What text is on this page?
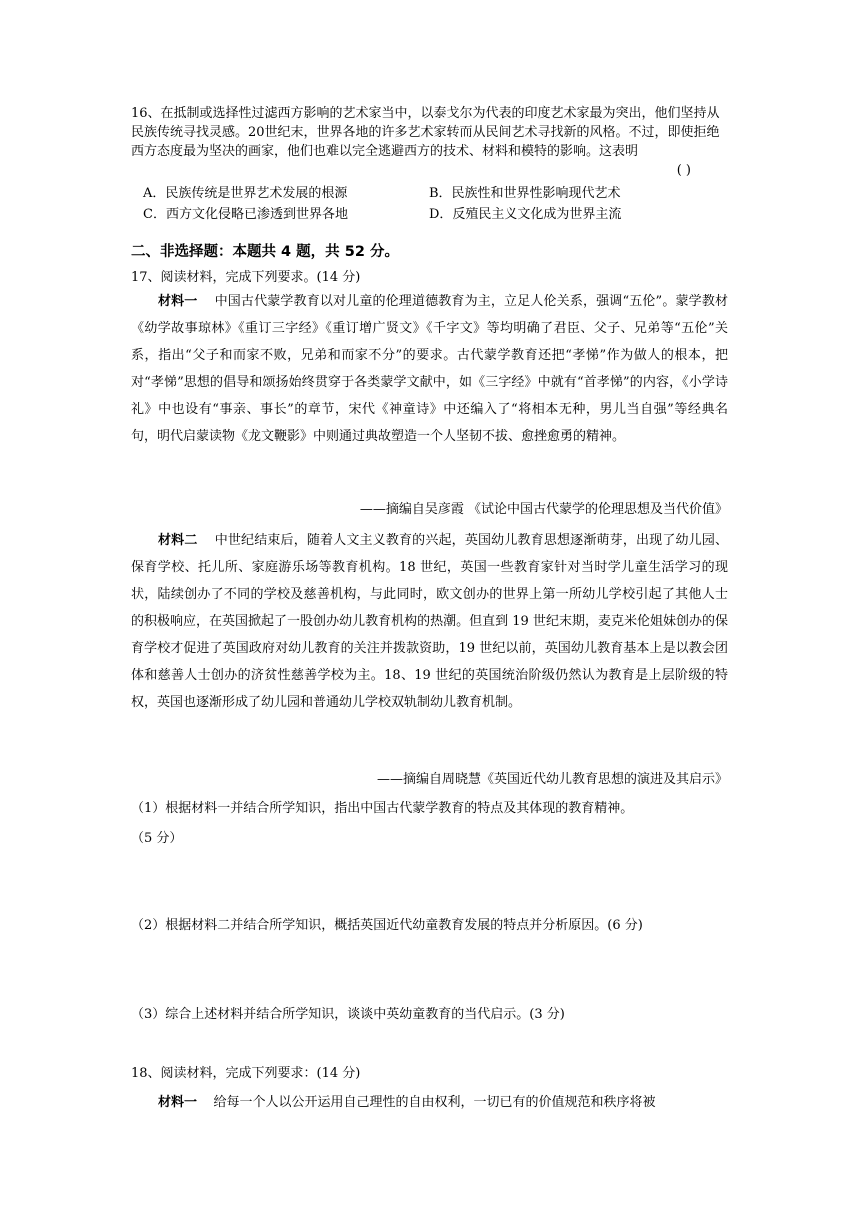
16、在抵制或选择性过滤西方影响的艺术家当中，以泰戈尔为代表的印度艺术家最为突出，他们坚持从民族传统寻找灵感。20世纪末，世界各地的许多艺术家转而从民间艺术寻找新的风格。不过，即使拒绝西方态度最为坚决的画家，他们也难以完全逃避西方的技术、材料和模特的影响。这表明

( )
A．民族传统是世界艺术发展的根源	B．民族性和世界性影响现代艺术
C．西方文化侵略已渗透到世界各地	D．反殖民主义文化成为世界主流
二、非选择题：本题共 4 题，共 52 分。
17、阅读材料，完成下列要求。(14 分)
材料一 中国古代蒙学教育以对儿童的伦理道德教育为主，立足人伦关系，强调“五伦”。蒙学教材《幼学故事琼林》《重订三字经》《重订增广贤文》《千字文》等均明确了君臣、父子、兄弟等“五伦”关系，指出“父子和而家不败，兄弟和而家不分”的要求。古代蒙学教育还把“孝悌”作为做人的根本，把对“孝悌”思想的倡导和颂扬始终贯穿于各类蒙学文献中，如《三字经》中就有“首孝悌”的内容，《小学诗礼》中也设有“事亲、事长”的章节，宋代《神童诗》中还编入了“将相本无种，男儿当自强”等经典名句，明代启蒙读物《龙文鞭影》中则通过典故塑造一个人坚韧不拔、愈挫愈勇的精神。
——摘编自吴彦霞 《试论中国古代蒙学的伦理思想及当代价值》
材料二 中世纪结束后，随着人文主义教育的兴起，英国幼儿教育思想逐渐萌芽，出现了幼儿园、保育学校、托儿所、家庭游乐场等教育机构。18 世纪，英国一些教育家针对当时学儿童生活学习的现状，陆续创办了不同的学校及慈善机构，与此同时，欧文创办的世界上第一所幼儿学校引起了其他人士的积极响应，在英国掀起了一股创办幼儿教育机构的热潮。但直到 19 世纪末期，麦克米伦姐妹创办的保育学校才促进了英国政府对幼儿教育的关注并拨款资助，19 世纪以前，英国幼儿教育基本上是以教会团体和慈善人士创办的济贫性慈善学校为主。18、19 世纪的英国统治阶级仍然认为教育是上层阶级的特权，英国也逐渐形成了幼儿园和普通幼儿学校双轨制幼儿教育机制。
——摘编自周晓慧《英国近代幼儿教育思想的演进及其启示》
（1）根据材料一并结合所学知识，指出中国古代蒙学教育的特点及其体现的教育精神。
（5 分）
（2）根据材料二并结合所学知识，概括英国近代幼童教育发展的特点并分析原因。(6 分)
（3）综合上述材料并结合所学知识，谈谈中英幼童教育的当代启示。(3 分)
18、阅读材料，完成下列要求：(14 分)
材料一 给每一个人以公开运用自己理性的自由权利，一切已有的价值规范和秩序将被
